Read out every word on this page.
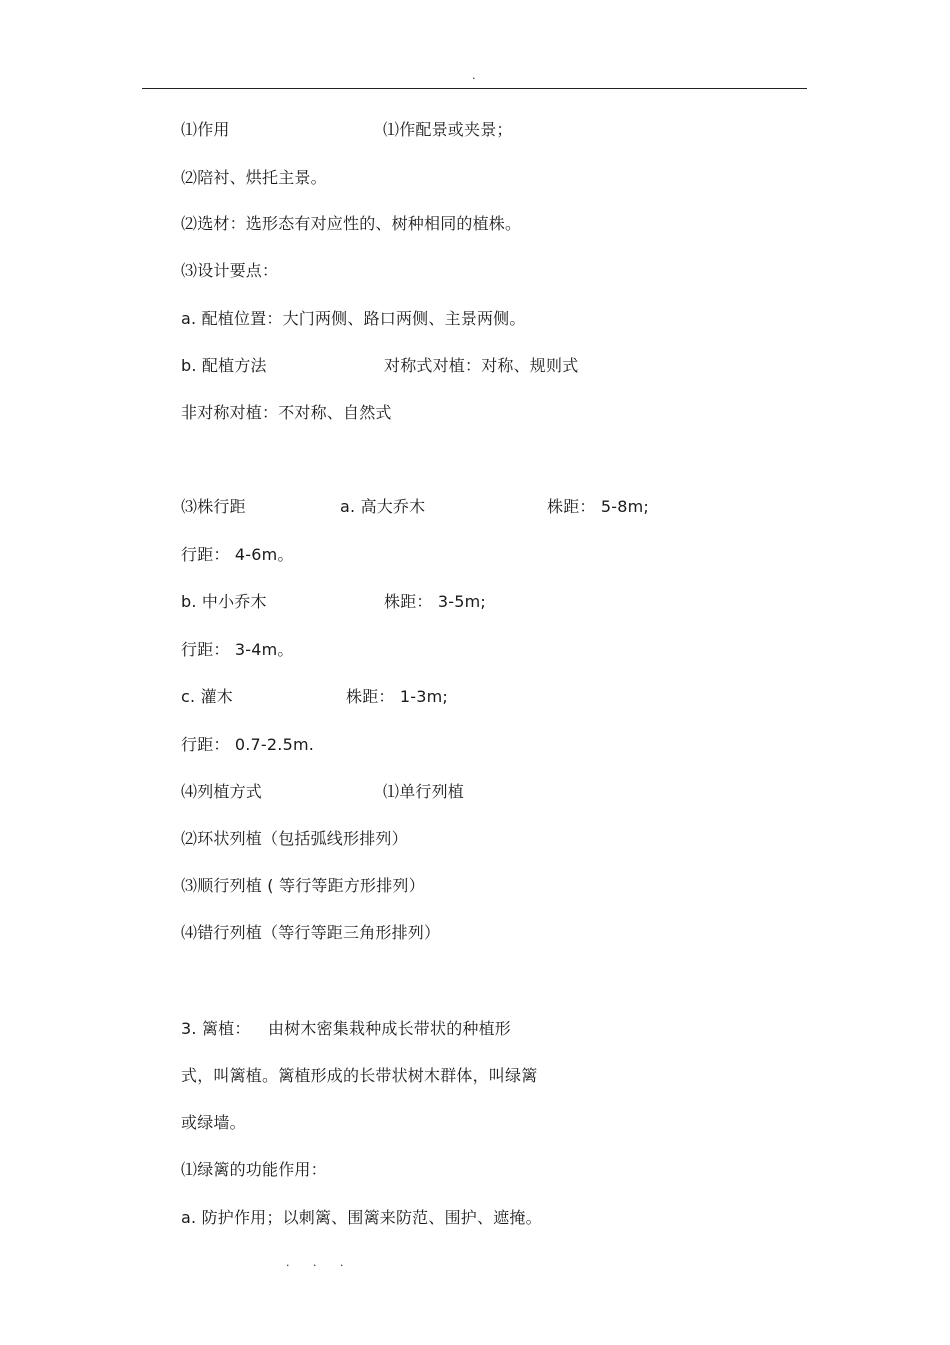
.
⑴作用	⑴作配景或夹景；
⑵陪衬、烘托主景。
⑵选材：选形态有对应性的、树种相同的植株。
⑶设计要点：
a. 配植位置：大门两侧、路口两侧、主景两侧。
b. 配植方法	对称式对植：对称、规则式
非对称对植：不对称、自然式
⑶株行距	a. 高大乔木	株距： 5-8m;
行距： 4-6m。
b. 中小乔木	株距： 3-5m;
行距： 3-4m。
c. 灌木	株距： 1-3m;
行距： 0.7-2.5m.
⑷列植方式	⑴单行列植
⑵环状列植（包括弧线形排列）
⑶顺行列植 ( 等行等距方形排列）
⑷错行列植（等行等距三角形排列）
3. 篱植： 由树木密集栽种成长带状的种植形
式，叫篱植。篱植形成的长带状树木群体，叫绿篱
或绿墙。
⑴绿篱的功能作用：
a. 防护作用；以刺篱、围篱来防范、围护、遮掩。
. . .
